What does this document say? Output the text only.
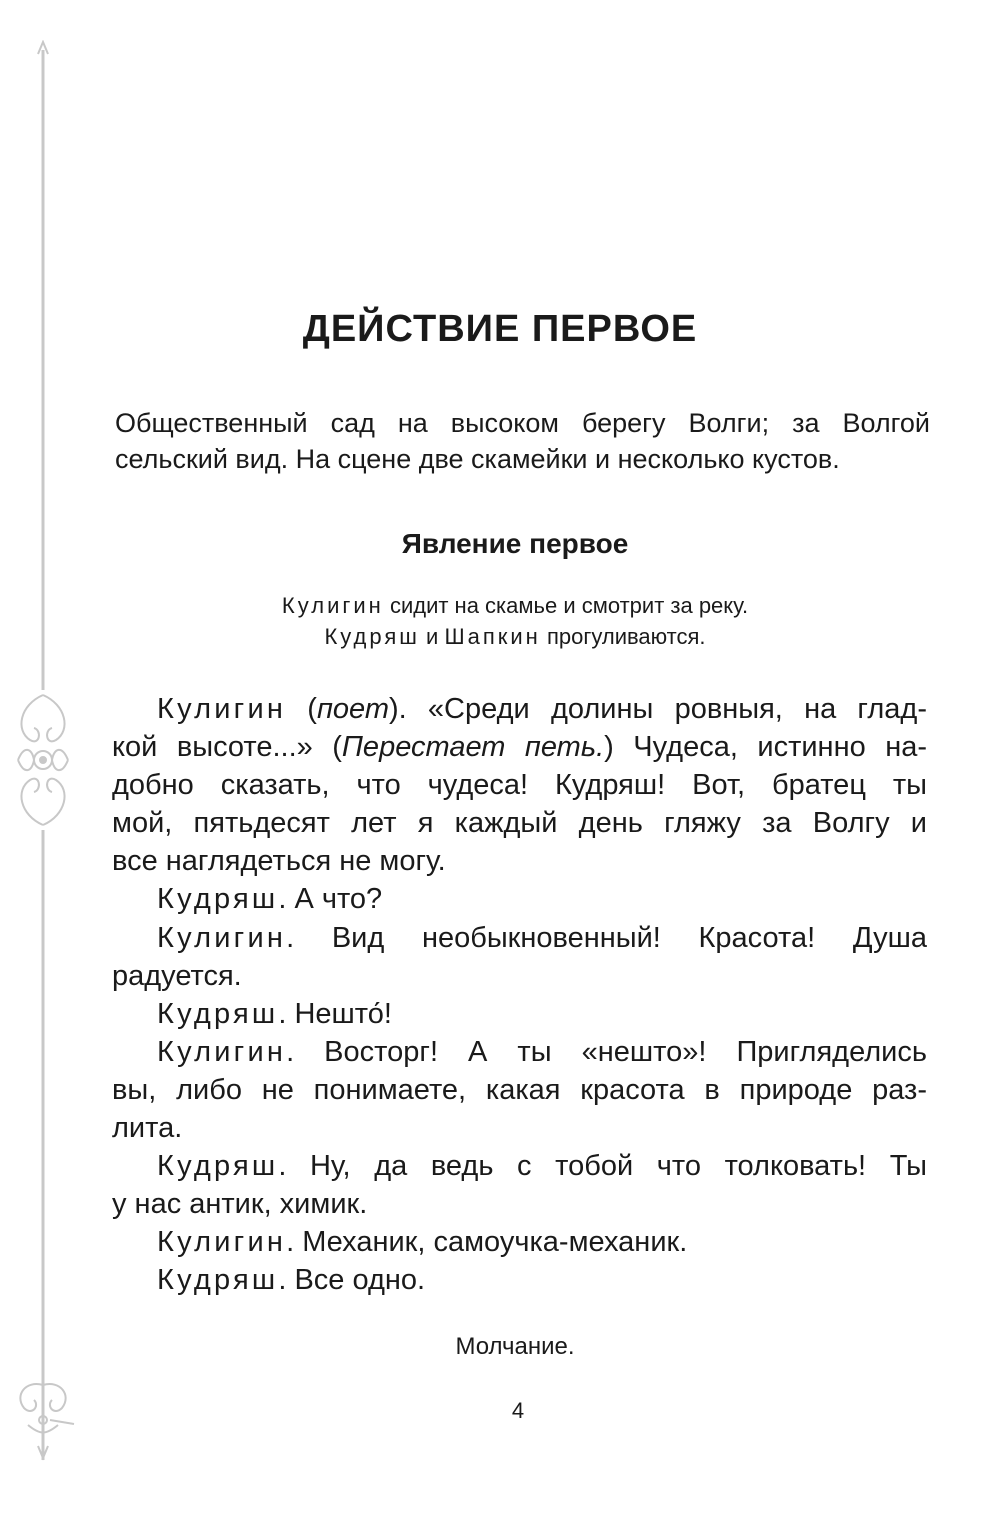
ДЕЙСТВИЕ ПЕРВОЕ
Общественный сад на высоком берегу Волги; за Волгой
сельский вид. На сцене две скамейки и несколько кустов.
Явление первое
Кулигин сидит на скамье и смотрит за реку.
Кудряш и Шапкин прогуливаются.
Кулигин (поет). «Среди долины ровныя, на глад-
кой высоте...» (Перестает петь.) Чудеса, истинно на-
добно сказать, что чудеса! Кудряш! Вот, братец ты
мой, пятьдесят лет я каждый день гляжу за Волгу и
все наглядеться не могу.
Кудряш. А что?
Кулигин. Вид необыкновенный! Красота! Душа
радуется.
Кудряш. Нешто́!
Кулигин. Восторг! А ты «нешто»! Пригляделись
вы, либо не понимаете, какая красота в природе раз-
лита.
Кудряш. Ну, да ведь с тобой что толковать! Ты
у нас антик, химик.
Кулигин. Механик, самоучка-механик.
Кудряш. Все одно.
Молчание.
4
